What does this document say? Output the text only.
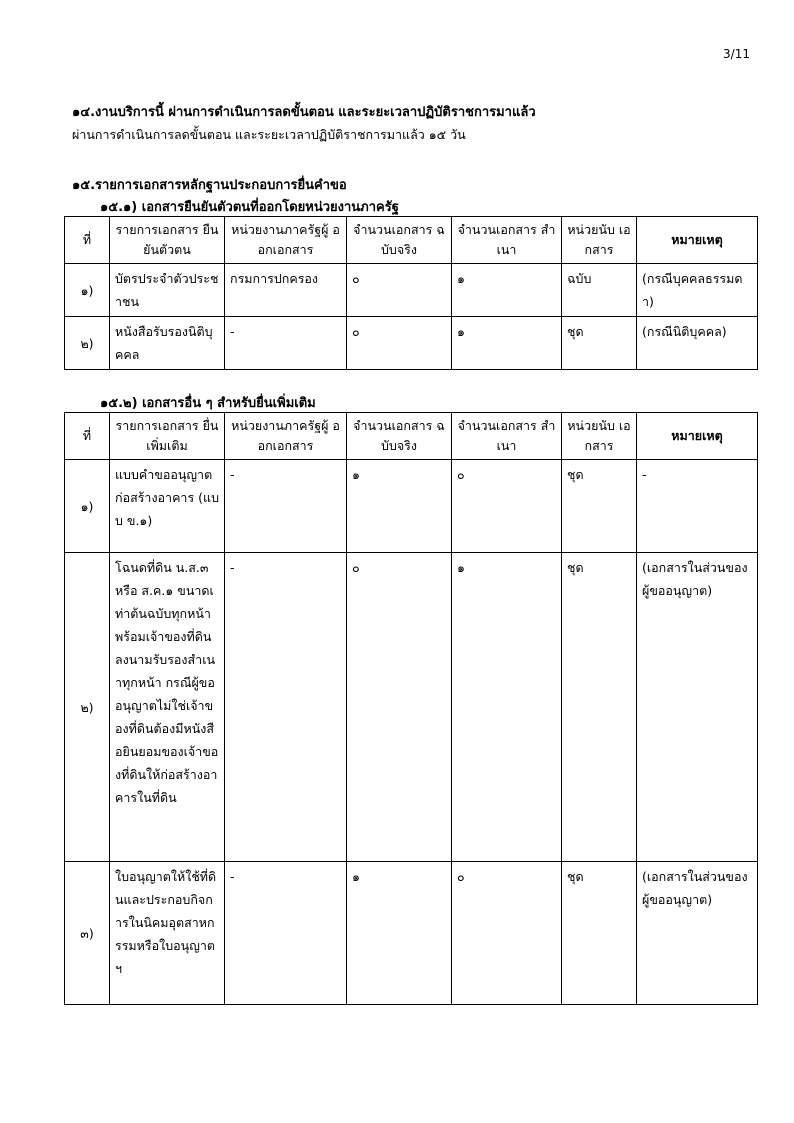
3/11
๑๔.งานบริการนี้ ผ่านการดำเนินการลดขั้นตอน และระยะเวลาปฏิบัติราชการมาแล้ว
ผ่านการดำเนินการลดขั้นตอน และระยะเวลาปฏิบัติราชการมาแล้ว ๑๕ วัน
๑๕.รายการเอกสารหลักฐานประกอบการยื่นคำขอ
๑๕.๑) เอกสารยืนยันตัวตนที่ออกโดยหน่วยงานภาครัฐ
ที่	รายการเอกสาร ยืนยันตัวตน	หน่วยงานภาครัฐผู้ ออกเอกสาร	จำนวนเอกสาร ฉบับจริง	จำนวนเอกสาร สำเนา	หน่วยนับ เอกสาร	หมายเหตุ
๑)	บัตรประจำตัวประชาชน	กรมการปกครอง	๐	๑	ฉบับ	(กรณีบุคคลธรรมดา)
๒)	หนังสือรับรองนิติบุคคล	-	๐	๑	ชุด	(กรณีนิติบุคคล)
๑๕.๒) เอกสารอื่น ๆ สำหรับยื่นเพิ่มเติม
ที่	รายการเอกสาร ยื่นเพิ่มเติม	หน่วยงานภาครัฐผู้ ออกเอกสาร	จำนวนเอกสาร ฉบับจริง	จำนวนเอกสาร สำเนา	หน่วยนับ เอกสาร	หมายเหตุ
๑)	แบบคำขออนุญาตก่อสร้างอาคาร (แบบ ข.๑)	-	๑	๐	ชุด	-
๒)	โฉนดที่ดิน น.ส.๓ หรือ ส.ค.๑ ขนาดเท่าต้นฉบับทุกหน้า พร้อมเจ้าของที่ดินลงนามรับรองสำเนาทุกหน้า กรณีผู้ขออนุญาตไม่ใช่เจ้าของที่ดินต้องมีหนังสือยินยอมของเจ้าของที่ดินให้ก่อสร้างอาคารในที่ดิน	-	๐	๑	ชุด	(เอกสารในส่วนของผู้ขออนุญาต)
๓)	ใบอนุญาตให้ใช้ที่ดินและประกอบกิจการในนิคมอุตสาหกรรมหรือใบอนุญาตฯ	-	๑	๐	ชุด	(เอกสารในส่วนของผู้ขออนุญาต)
